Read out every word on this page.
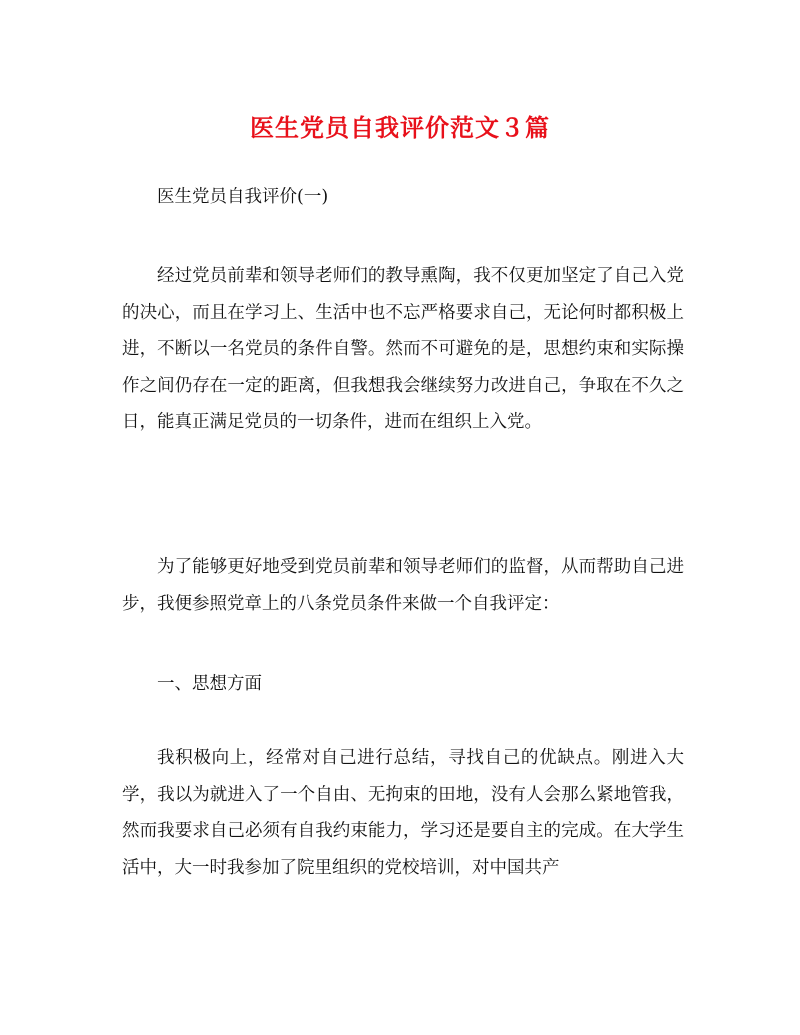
医生党员自我评价范文３篇
医生党员自我评价(一)

经过党员前辈和领导老师们的教导熏陶，我不仅更加坚定了自己入党的决心，而且在学习上、生活中也不忘严格要求自己，无论何时都积极上进，不断以一名党员的条件自警。然而不可避免的是，思想约束和实际操作之间仍存在一定的距离，但我想我会继续努力改进自己，争取在不久之日，能真正满足党员的一切条件，进而在组织上入党。

为了能够更好地受到党员前辈和领导老师们的监督，从而帮助自己进步，我便参照党章上的八条党员条件来做一个自我评定：

一、思想方面

我积极向上，经常对自己进行总结，寻找自己的优缺点。刚进入大学，我以为就进入了一个自由、无拘束的田地，没有人会那么紧地管我，然而我要求自己必须有自我约束能力，学习还是要自主的完成。在大学生活中，大一时我参加了院里组织的党校培训，对中国共产
